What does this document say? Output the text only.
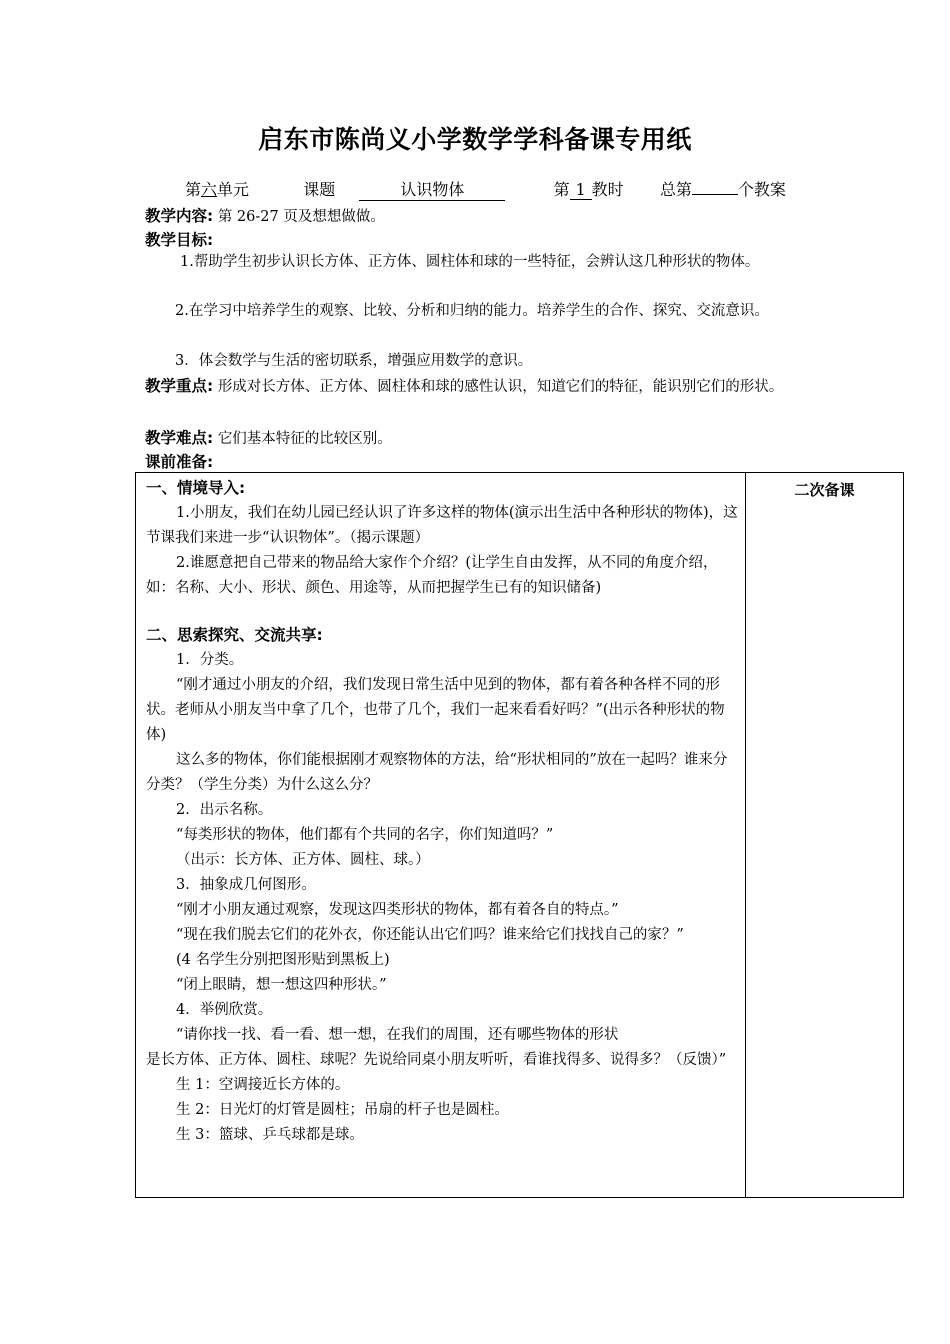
启东市陈尚义小学数学学科备课专用纸
第六单元	课题	认识物体	第 1 教时 总第	个教案
教学内容: 第 26-27 页及想想做做。
教学目标:
1.帮助学生初步认识长方体、正方体、圆柱体和球的一些特征，会辨认这几种形状的物体。
2.在学习中培养学生的观察、比较、分析和归纳的能力。培养学生的合作、探究、交流意识。
3．体会数学与生活的密切联系，增强应用数学的意识。
教学重点: 形成对长方体、正方体、圆柱体和球的感性认识，知道它们的特征，能识别它们的形状。
教学难点: 它们基本特征的比较区别。
课前准备:

一、情境导入:

1.小朋友，我们在幼儿园已经认识了许多这样的物体(演示出生活中各种形状的物体)，这节课我们来进一步“认识物体”。（揭示课题）

2.谁愿意把自己带来的物品给大家作个介绍？(让学生自由发挥，从不同的角度介绍，如：名称、大小、形状、颜色、用途等，从而把握学生已有的知识储备)

二、思索探究、交流共享:

1．分类。

“刚才通过小朋友的介绍，我们发现日常生活中见到的物体，都有着各种各样不同的形状。老师从小朋友当中拿了几个，也带了几个，我们一起来看看好吗？”(出示各种形状的物体)

这么多的物体，你们能根据刚才观察物体的方法，给“形状相同的”放在一起吗？谁来分分类？（学生分类）为什么这么分？

2．出示名称。

“每类形状的物体，他们都有个共同的名字，你们知道吗？”

（出示：长方体、正方体、圆柱、球。）

3．抽象成几何图形。

“刚才小朋友通过观察，发现这四类形状的物体，都有着各自的特点。”

“现在我们脱去它们的花外衣，你还能认出它们吗？谁来给它们找找自己的家？”

(4 名学生分别把图形贴到黑板上)

“闭上眼睛，想一想这四种形状。”

4．举例欣赏。

“请你找一找、看一看、想一想，在我们的周围，还有哪些物体的形状

是长方体、正方体、圆柱、球呢？先说给同桌小朋友听听，看谁找得多、说得多？（反馈）”

生 1：空调接近长方体的。

生 2：日光灯的灯管是圆柱；吊扇的杆子也是圆柱。

生 3：篮球、乒乓球都是球。

二次备课
